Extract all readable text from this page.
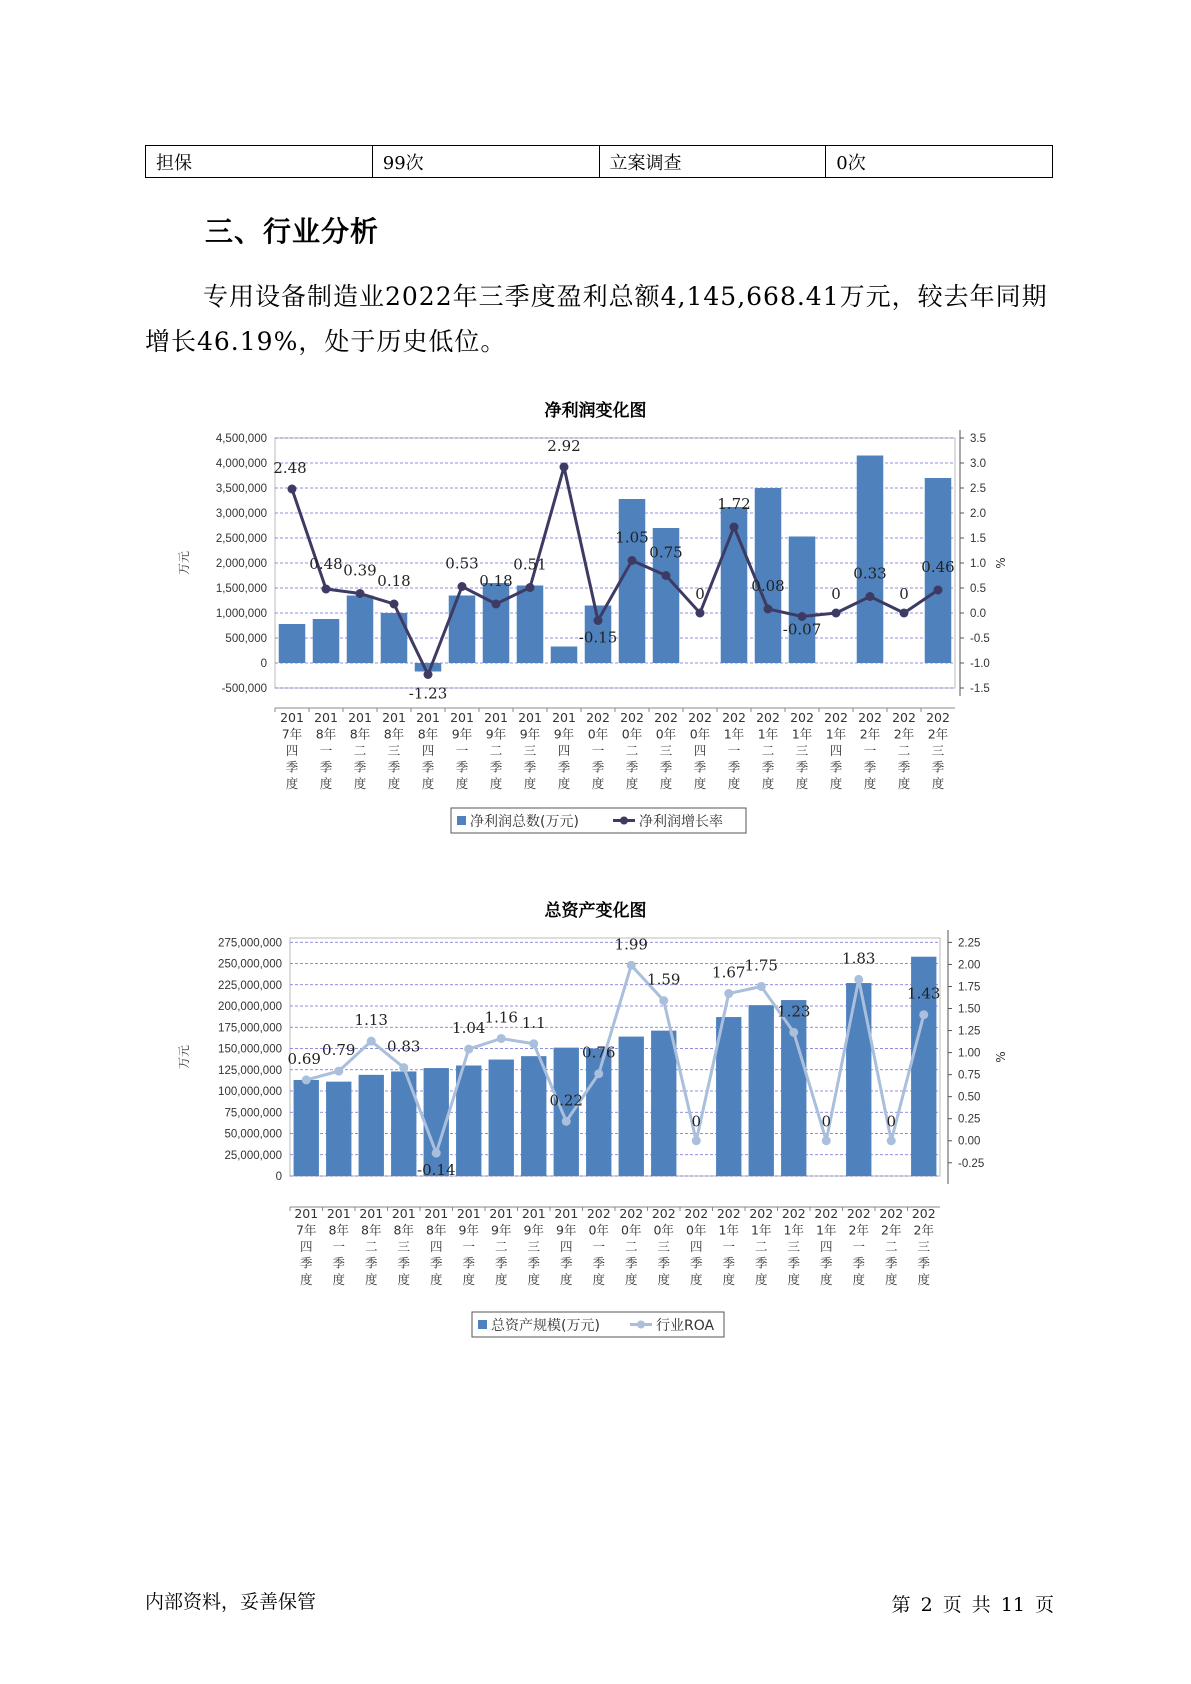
担保	99次	立案调查	0次
三、行业分析

专用设备制造业2022年三季度盈利总额4,145,668.41万元，较去年同期增长46.19%，处于历史低位。

净利润变化图
4,500,000
4,000,000
3,500,000
3,000,000
2,500,000
2,000,000
1,500,000
1,000,000
500,000
0
-500,000
3.5
3.0
2.5
2.0
1.5
1.0
0.5
0.0
-0.5
-1.0
-1.5
万元	%
201
7年
四
季
度
201
8年
一
季
度
201
8年
二
季
度
201
8年
三
季
度
201
8年
四
季
度
201
9年
一
季
度
201
9年
二
季
度
201
9年
三
季
度
201
9年
四
季
度
202
0年
一
季
度
202
0年
二
季
度
202
0年
三
季
度
202
0年
四
季
度
202
1年
一
季
度
202
1年
二
季
度
202
1年
三
季
度
202
1年
四
季
度
202
2年
一
季
度
202
2年
二
季
度
202
2年
三
季
度
2.48
0.48 0.39
0.18
-1.23
0.53
0.18
0.51
2.92
-0.15
1.05
0.75
0
1.72
0.08
-0.07
0
0.33
0
0.46
净利润总数(万元)	净利润增长率
总资产变化图
275,000,000
250,000,000
225,000,000
200,000,000
175,000,000
150,000,000
125,000,000
100,000,000
75,000,000
50,000,000
25,000,000
0
2.25
2.00
1.75
1.50
1.25
1.00
0.75
0.50
0.25
0.00
-0.25
万元	%
201
7年
四
季
度
201
8年
一
季
度
201
8年
二
季
度
201
8年
三
季
度
201
8年
四
季
度
201
9年
一
季
度
201
9年
二
季
度
201
9年
三
季
度
201
9年
四
季
度
202
0年
一
季
度
202
0年
二
季
度
202
0年
三
季
度
202
0年
四
季
度
202
1年
一
季
度
202
1年
二
季
度
202
1年
三
季
度
202
1年
四
季
度
202
2年
一
季
度
202
2年
二
季
度
202
2年
三
季
度
0.69 0.79
1.13
0.83
-0.14
1.04
1.16 1.1
0.22
0.76
1.99
1.59
0
1.67 1.75
1.23
0
1.83
0
1.43
总资产规模(万元)	行业ROA
内部资料，妥善保管	第 2 页 共 11 页
